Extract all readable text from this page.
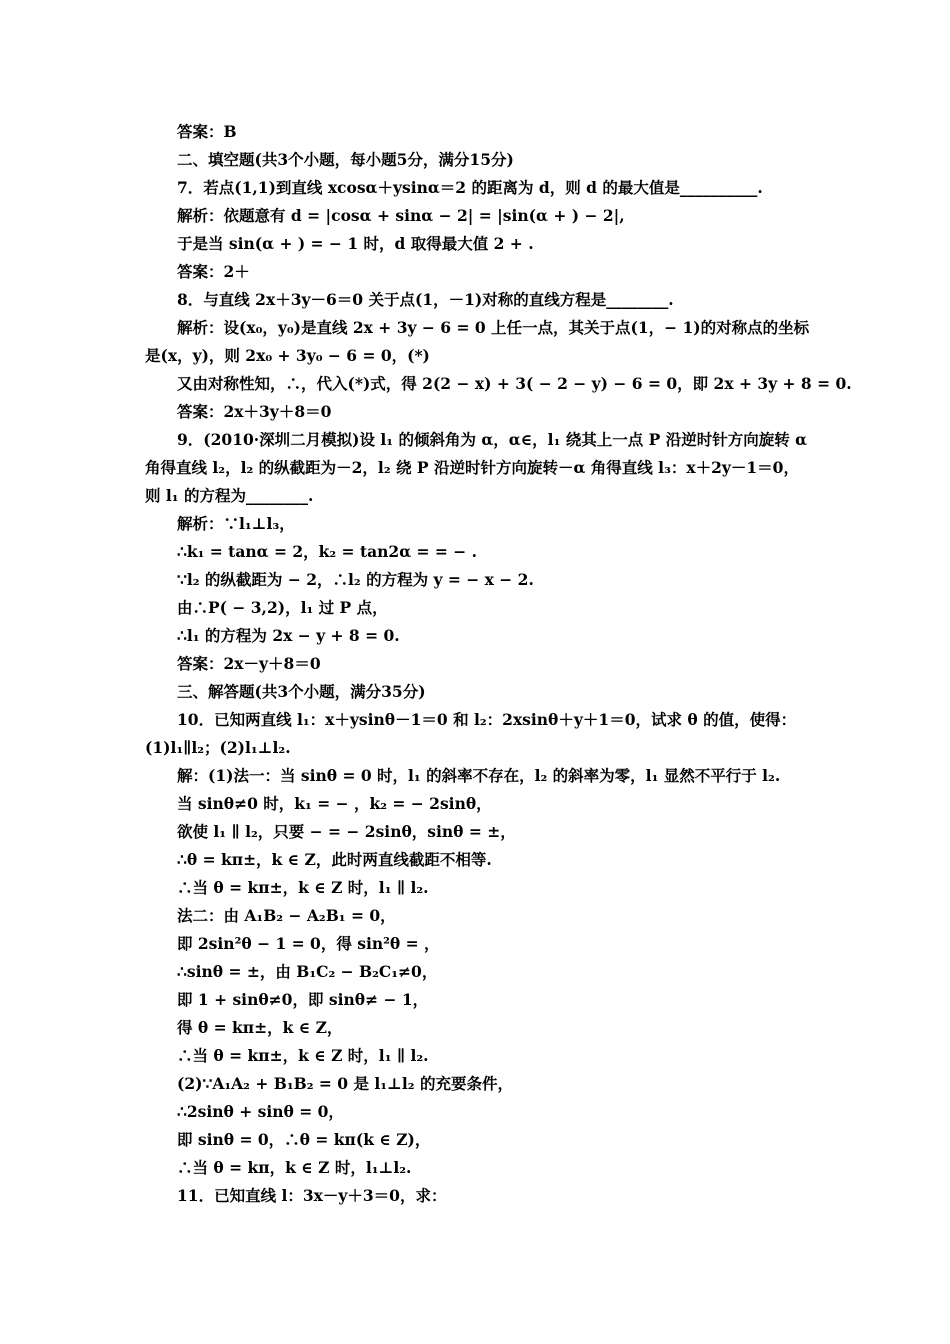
答案：B
二、填空题(共3个小题，每小题5分，满分15分)
7．若点(1,1)到直线 xcosα＋ysinα＝2 的距离为 d，则 d 的最大值是__________.
解析：依题意有 d = |cosα + sinα − 2| = |sin(α + ) − 2|,
于是当 sin(α + ) = − 1 时，d 取得最大值 2 + .
答案：2＋
8．与直线 2x＋3y－6＝0 关于点(1，－1)对称的直线方程是________.
解析：设(x₀，y₀)是直线 2x + 3y − 6 = 0 上任一点，其关于点(1，− 1)的对称点的坐标是(x，y)，则 2x₀ + 3y₀ − 6 = 0，(*)
又由对称性知，∴，代入(*)式，得 2(2 − x) + 3( − 2 − y) − 6 = 0，即 2x + 3y + 8 = 0.
答案：2x＋3y＋8＝0
9．(2010·深圳二月模拟)设 l₁ 的倾斜角为 α，α∈，l₁ 绕其上一点 P 沿逆时针方向旋转 α 角得直线 l₂，l₂ 的纵截距为－2，l₂ 绕 P 沿逆时针方向旋转－α 角得直线 l₃：x＋2y－1＝0，则 l₁ 的方程为________.
解析：∵l₁⊥l₃，
∴k₁ = tanα = 2，k₂ = tan2α = = − .
∵l₂ 的纵截距为 − 2，∴l₂ 的方程为 y = − x − 2.
由∴P( − 3,2)，l₁ 过 P 点，
∴l₁ 的方程为 2x − y + 8 = 0.
答案：2x－y＋8＝0
三、解答题(共3个小题，满分35分)
10．已知两直线 l₁：x＋ysinθ－1＝0 和 l₂：2xsinθ＋y＋1＝0，试求 θ 的值，使得：(1)l₁∥l₂；(2)l₁⊥l₂.
解：(1)法一：当 sinθ = 0 时，l₁ 的斜率不存在，l₂ 的斜率为零，l₁ 显然不平行于 l₂.
当 sinθ≠0 时，k₁ = − ，k₂ = − 2sinθ，
欲使 l₁ ∥ l₂，只要 − = − 2sinθ，sinθ = ±，
∴θ = kπ±，k ∈ Z，此时两直线截距不相等.
∴当 θ = kπ±，k ∈ Z 时，l₁ ∥ l₂.
法二：由 A₁B₂ − A₂B₁ = 0，
即 2sin²θ − 1 = 0，得 sin²θ = ，
∴sinθ = ±，由 B₁C₂ − B₂C₁≠0，
即 1 + sinθ≠0，即 sinθ≠ − 1，
得 θ = kπ±，k ∈ Z，
∴当 θ = kπ±，k ∈ Z 时，l₁ ∥ l₂.
(2)∵A₁A₂ + B₁B₂ = 0 是 l₁⊥l₂ 的充要条件，
∴2sinθ + sinθ = 0，
即 sinθ = 0，∴θ = kπ(k ∈ Z)，
∴当 θ = kπ，k ∈ Z 时，l₁⊥l₂.
11．已知直线 l：3x－y＋3＝0，求：
